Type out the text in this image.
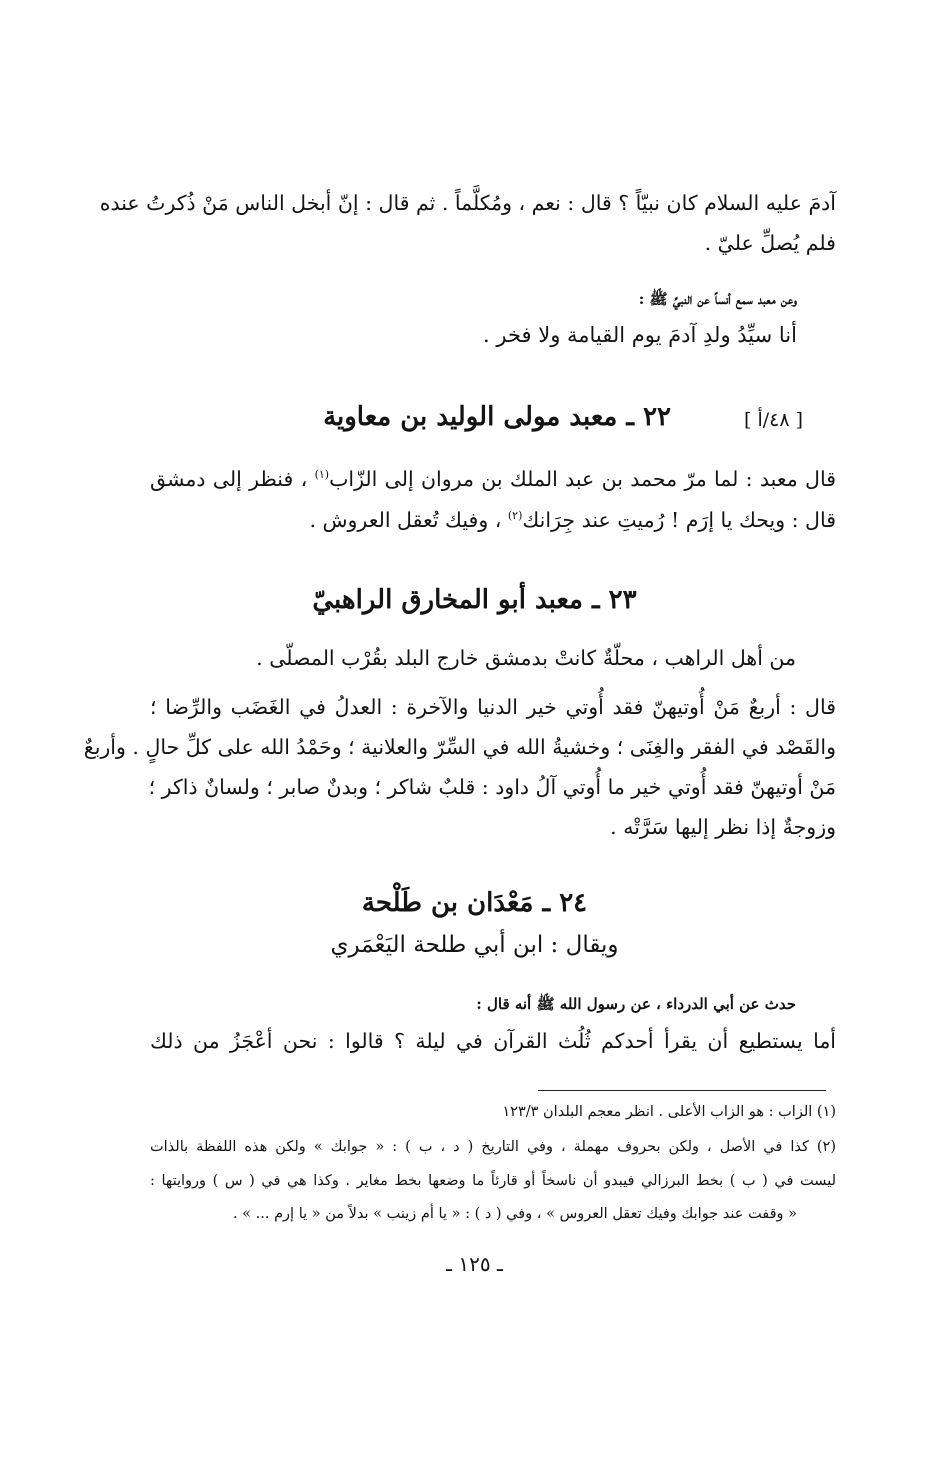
آدمَ عليه السلام كان نبيّاً ؟ قال : نعم ، ومُكلَّماً . ثم قال : إنّ أبخل الناس مَنْ ذُكرتُ عنده

فلم يُصلِّ عليّ .

وعن معبد سمع أنساً عن النبيِّ ﷺ :

أنا سيِّدُ ولدِ آدمَ يوم القيامة ولا فخر .

[ ٤٨/أ ]
٢٢ ـ معبد مولى الوليد بن معاوية

قال معبد : لما مرّ محمد بن عبد الملك بن مروان إلى الزّاب$^{(١)}$ ، فنظر إلى دمشق

قال : ويحك يا إرَم ! رُميتِ عند جِرَانك$^{(٢)}$ ، وفيك تُعقل العروش .

٢٣ ـ معبد أبو المخارق الراهبيّ

من أهل الراهب ، محلّةٌ كانتْ بدمشق خارج البلد بقُرْب المصلّى .

قال : أربعٌ مَنْ أُوتيهنّ فقد أُوتي خير الدنيا والآخرة : العدلُ في الغَضَب والرِّضا ؛

والقَصْد في الفقر والغِنَى ؛ وخشيةُ الله في السِّرّ والعلانية ؛ وحَمْدُ الله على كلِّ حالٍ . وأربعٌ

مَنْ أوتيهنّ فقد أُوتي خير ما أُوتي آلُ داود : قلبٌ شاكر ؛ وبدنٌ صابر ؛ ولسانٌ ذاكر ؛

وزوجةٌ إذا نظر إليها سَرَّتْه .

٢٤ ـ مَعْدَان بن طَلْحة

ويقال : ابن أبي طلحة اليَعْمَري

حدث عن أبي الدرداء ، عن رسول الله ﷺ أنه قال :

أما يستطيع أن يقرأ أحدكم ثُلُث القرآن في ليلة ؟ قالوا : نحن أعْجَزُ من ذلك

(١) الزاب : هو الزاب الأعلى . انظر معجم البلدان ١٢٣/٣

(٢) كذا في الأصل ، ولكن بحروف مهملة ، وفي التاريخ ( د ، ب ) : « جوابك » ولكن هذه اللفظة بالذات

ليست في ( ب ) بخط البرزالي فيبدو أن ناسخاً أو قارئاً ما وضعها بخط مغاير . وكذا هي في ( س ) وروايتها :

« وقفت عند جوابك وفيك تعقل العروس » ، وفي ( د ) : « يا أم زينب » بدلاً من « يا إرم ... » .

ـ ١٢٥ ـ
